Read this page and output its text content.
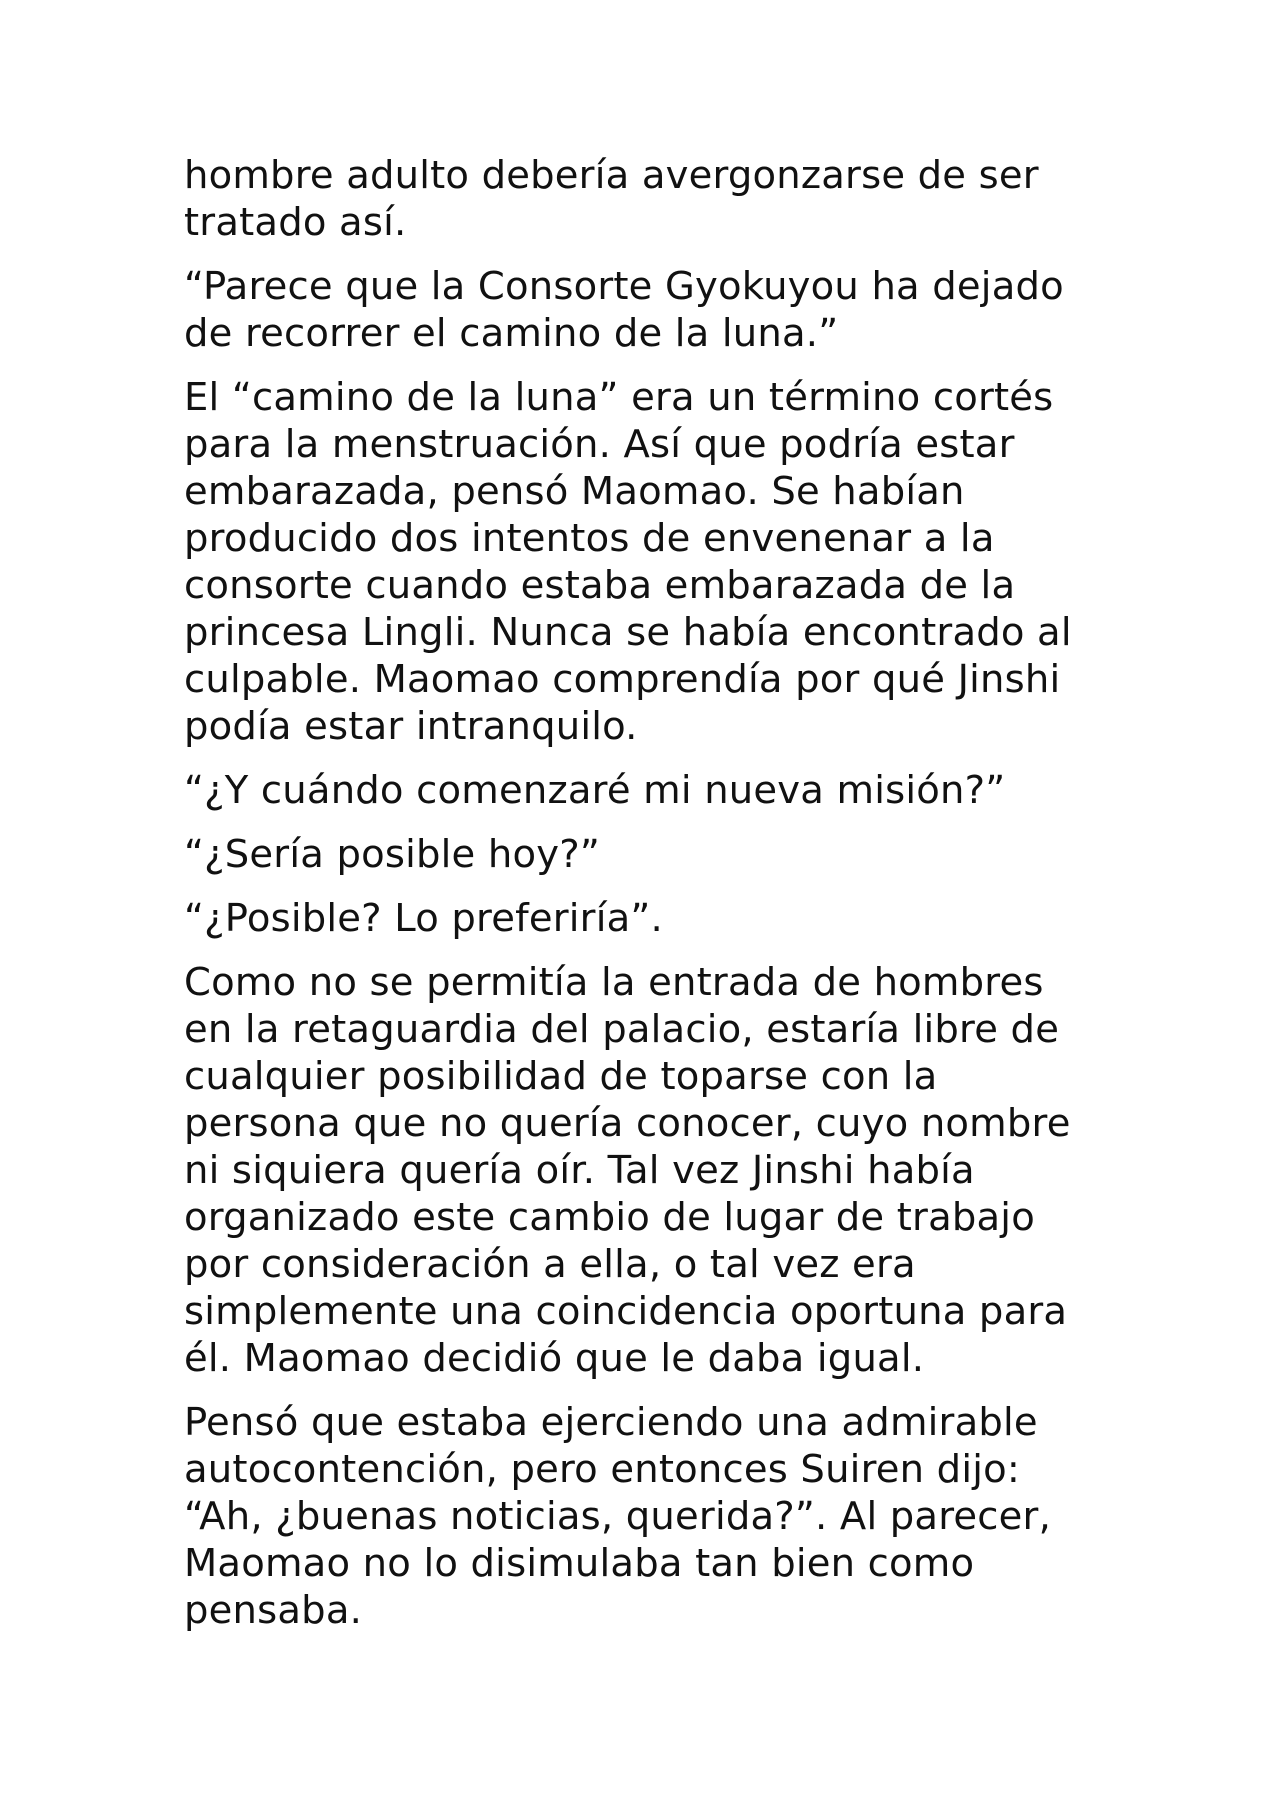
hombre adulto debería avergonzarse de ser tratado así.

“Parece que la Consorte Gyokuyou ha dejado de recorrer el camino de la luna.”

El “camino de la luna” era un término cortés para la menstruación. Así que podría estar embarazada, pensó Maomao. Se habían producido dos intentos de envenenar a la consorte cuando estaba embarazada de la princesa Lingli. Nunca se había encontrado al culpable. Maomao comprendía por qué Jinshi podía estar intranquilo.

“¿Y cuándo comenzaré mi nueva misión?”

“¿Sería posible hoy?”

“¿Posible? Lo preferiría”.

Como no se permitía la entrada de hombres en la retaguardia del palacio, estaría libre de cualquier posibilidad de toparse con la persona que no quería conocer, cuyo nombre ni siquiera quería oír. Tal vez Jinshi había organizado este cambio de lugar de trabajo por consideración a ella, o tal vez era simplemente una coincidencia oportuna para él. Maomao decidió que le daba igual.

Pensó que estaba ejerciendo una admirable autocontención, pero entonces Suiren dijo: “Ah, ¿buenas noticias, querida?”. Al parecer, Maomao no lo disimulaba tan bien como pensaba.
